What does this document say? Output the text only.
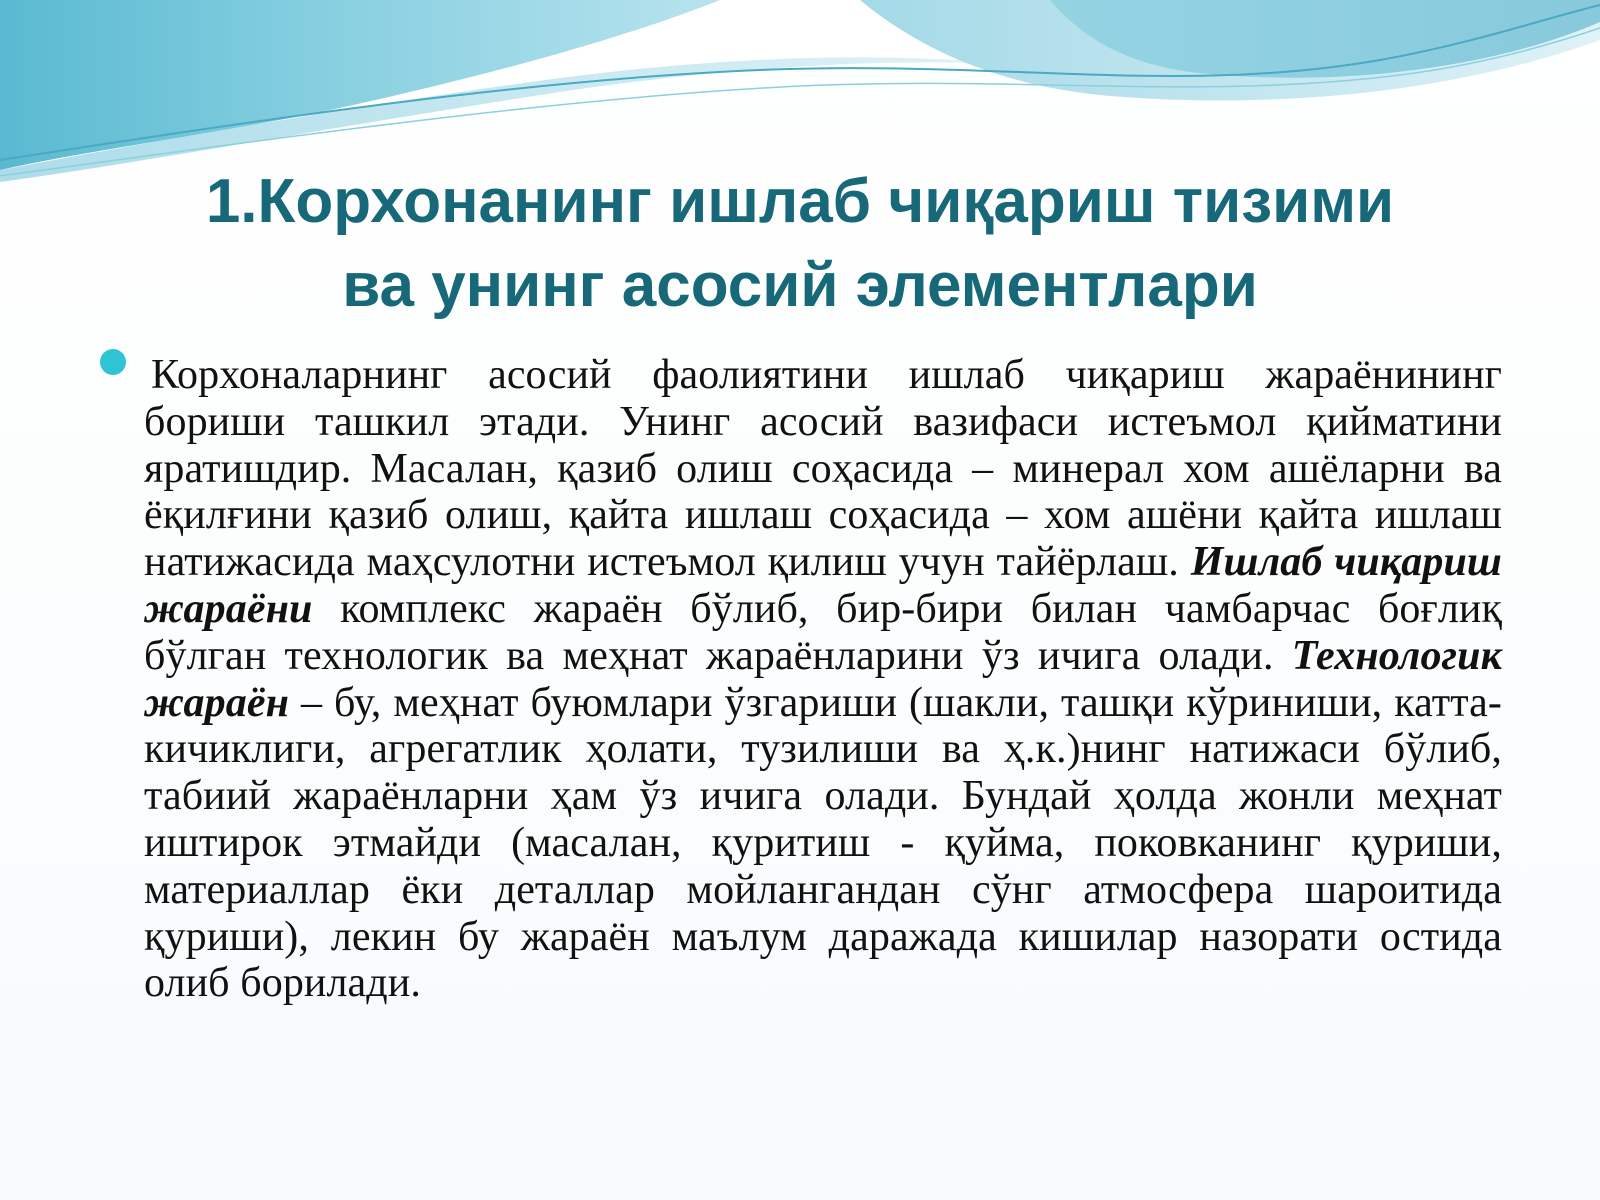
1.Корхонанинг ишлаб чиқариш тизими
ва унинг асосий элементлари

Корхоналарнинг асосий фаолиятини ишлаб чиқариш жараёнининг бориши ташкил этади. Унинг асосий вазифаси истеъмол қийматини яратишдир. Масалан, қазиб олиш соҳасида – минерал хом ашёларни ва ёқилғини қазиб олиш, қайта ишлаш соҳасида – хом ашёни қайта ишлаш натижасида маҳсулотни истеъмол қилиш учун тайёрлаш. Ишлаб чиқариш жараёни комплекс жараён бўлиб, бир-бири билан чамбарчас боғлиқ бўлган технологик ва меҳнат жараёнларини ўз ичига олади. Технологик жараён – бу, меҳнат буюмлари ўзгариши (шакли, ташқи кўриниши, катта-кичиклиги, агрегатлик ҳолати, тузилиши ва ҳ.к.)нинг натижаси бўлиб, табиий жараёнларни ҳам ўз ичига олади. Бундай ҳолда жонли меҳнат иштирок этмайди (масалан, қуритиш - қуйма, поковканинг қуриши, материаллар ёки деталлар мойлангандан сўнг атмосфера шароитида қуриши), лекин бу жараён маълум даражада кишилар назорати остида олиб борилади.
